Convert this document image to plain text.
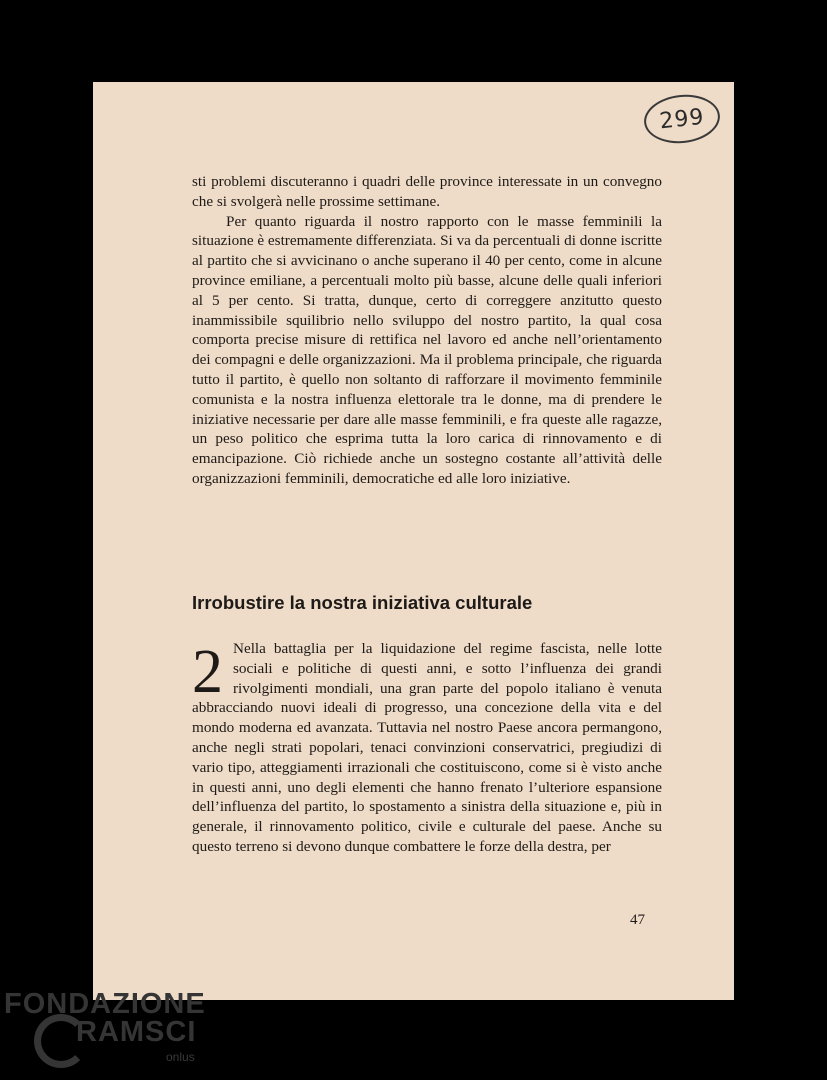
299

sti problemi discuteranno i quadri delle province interessate in un convegno che si svolgerà nelle prossime settimane.

Per quanto riguarda il nostro rapporto con le masse femminili la situazione è estremamente differenziata. Si va da percentuali di donne iscritte al partito che si avvicinano o anche superano il 40 per cento, come in alcune province emiliane, a percentuali molto più basse, alcune delle quali inferiori al 5 per cento. Si tratta, dunque, certo di correggere anzitutto questo inammissibile squilibrio nello sviluppo del nostro partito, la qual cosa comporta precise misure di rettifica nel lavoro ed anche nell’orientamento dei compagni e delle organizzazioni. Ma il problema principale, che riguarda tutto il partito, è quello non soltanto di rafforzare il movimento femminile comunista e la nostra influenza elettorale tra le donne, ma di prendere le iniziative necessarie per dare alle masse femminili, e fra queste alle ragazze, un peso politico che esprima tutta la loro carica di rinnovamento e di emancipazione. Ciò richiede anche un sostegno costante all’attività delle organizzazioni femminili, democratiche ed alle loro iniziative.

Irrobustire la nostra iniziativa culturale
2 Nella battaglia per la liquidazione del regime fascista, nelle lotte sociali e politiche di questi anni, e sotto l’influenza dei grandi rivolgimenti mondiali, una gran parte del popolo italiano è venuta abbracciando nuovi ideali di progresso, una concezione della vita e del mondo moderna ed avanzata. Tuttavia nel nostro Paese ancora permangono, anche negli strati popolari, tenaci convinzioni conservatrici, pregiudizi di vario tipo, atteggiamenti irrazionali che costituiscono, come si è visto anche in questi anni, uno degli elementi che hanno frenato l’ulteriore espansione dell’influenza del partito, lo spostamento a sinistra della situazione e, più in generale, il rinnovamento politico, civile e culturale del paese. Anche su questo terreno si devono dunque combattere le forze della destra, per

47
FONDAZIONE
RAMSCI
onlus
